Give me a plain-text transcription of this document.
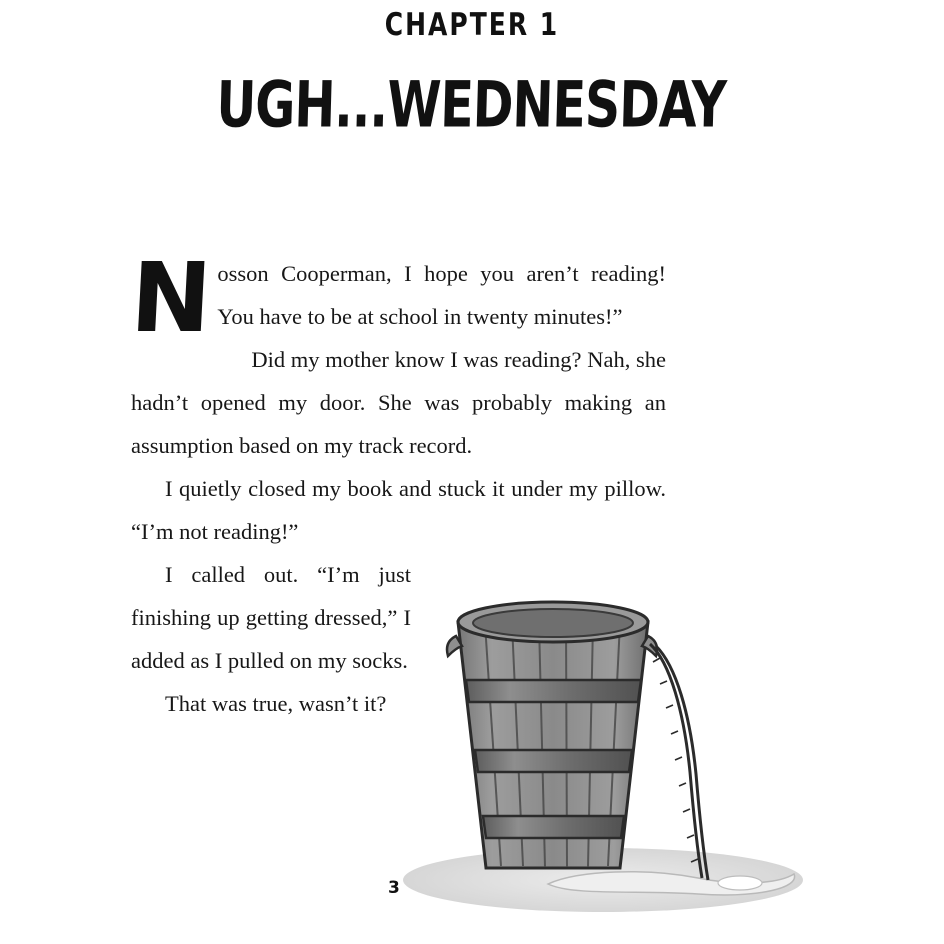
CHAPTER 1
UGH...WEDNESDAY

Nosson Cooperman, I hope you aren’t reading! You have to be at school in twenty minutes!”

Did my mother know I was reading? Nah, she hadn’t opened my door. She was probably making an assumption based on my track record.

I quietly closed my book and stuck it under my pillow. “I’m not reading!”

I called out. “I’m just finishing up getting dressed,” I added as I pulled on my socks.

That was true, wasn’t it?

3
